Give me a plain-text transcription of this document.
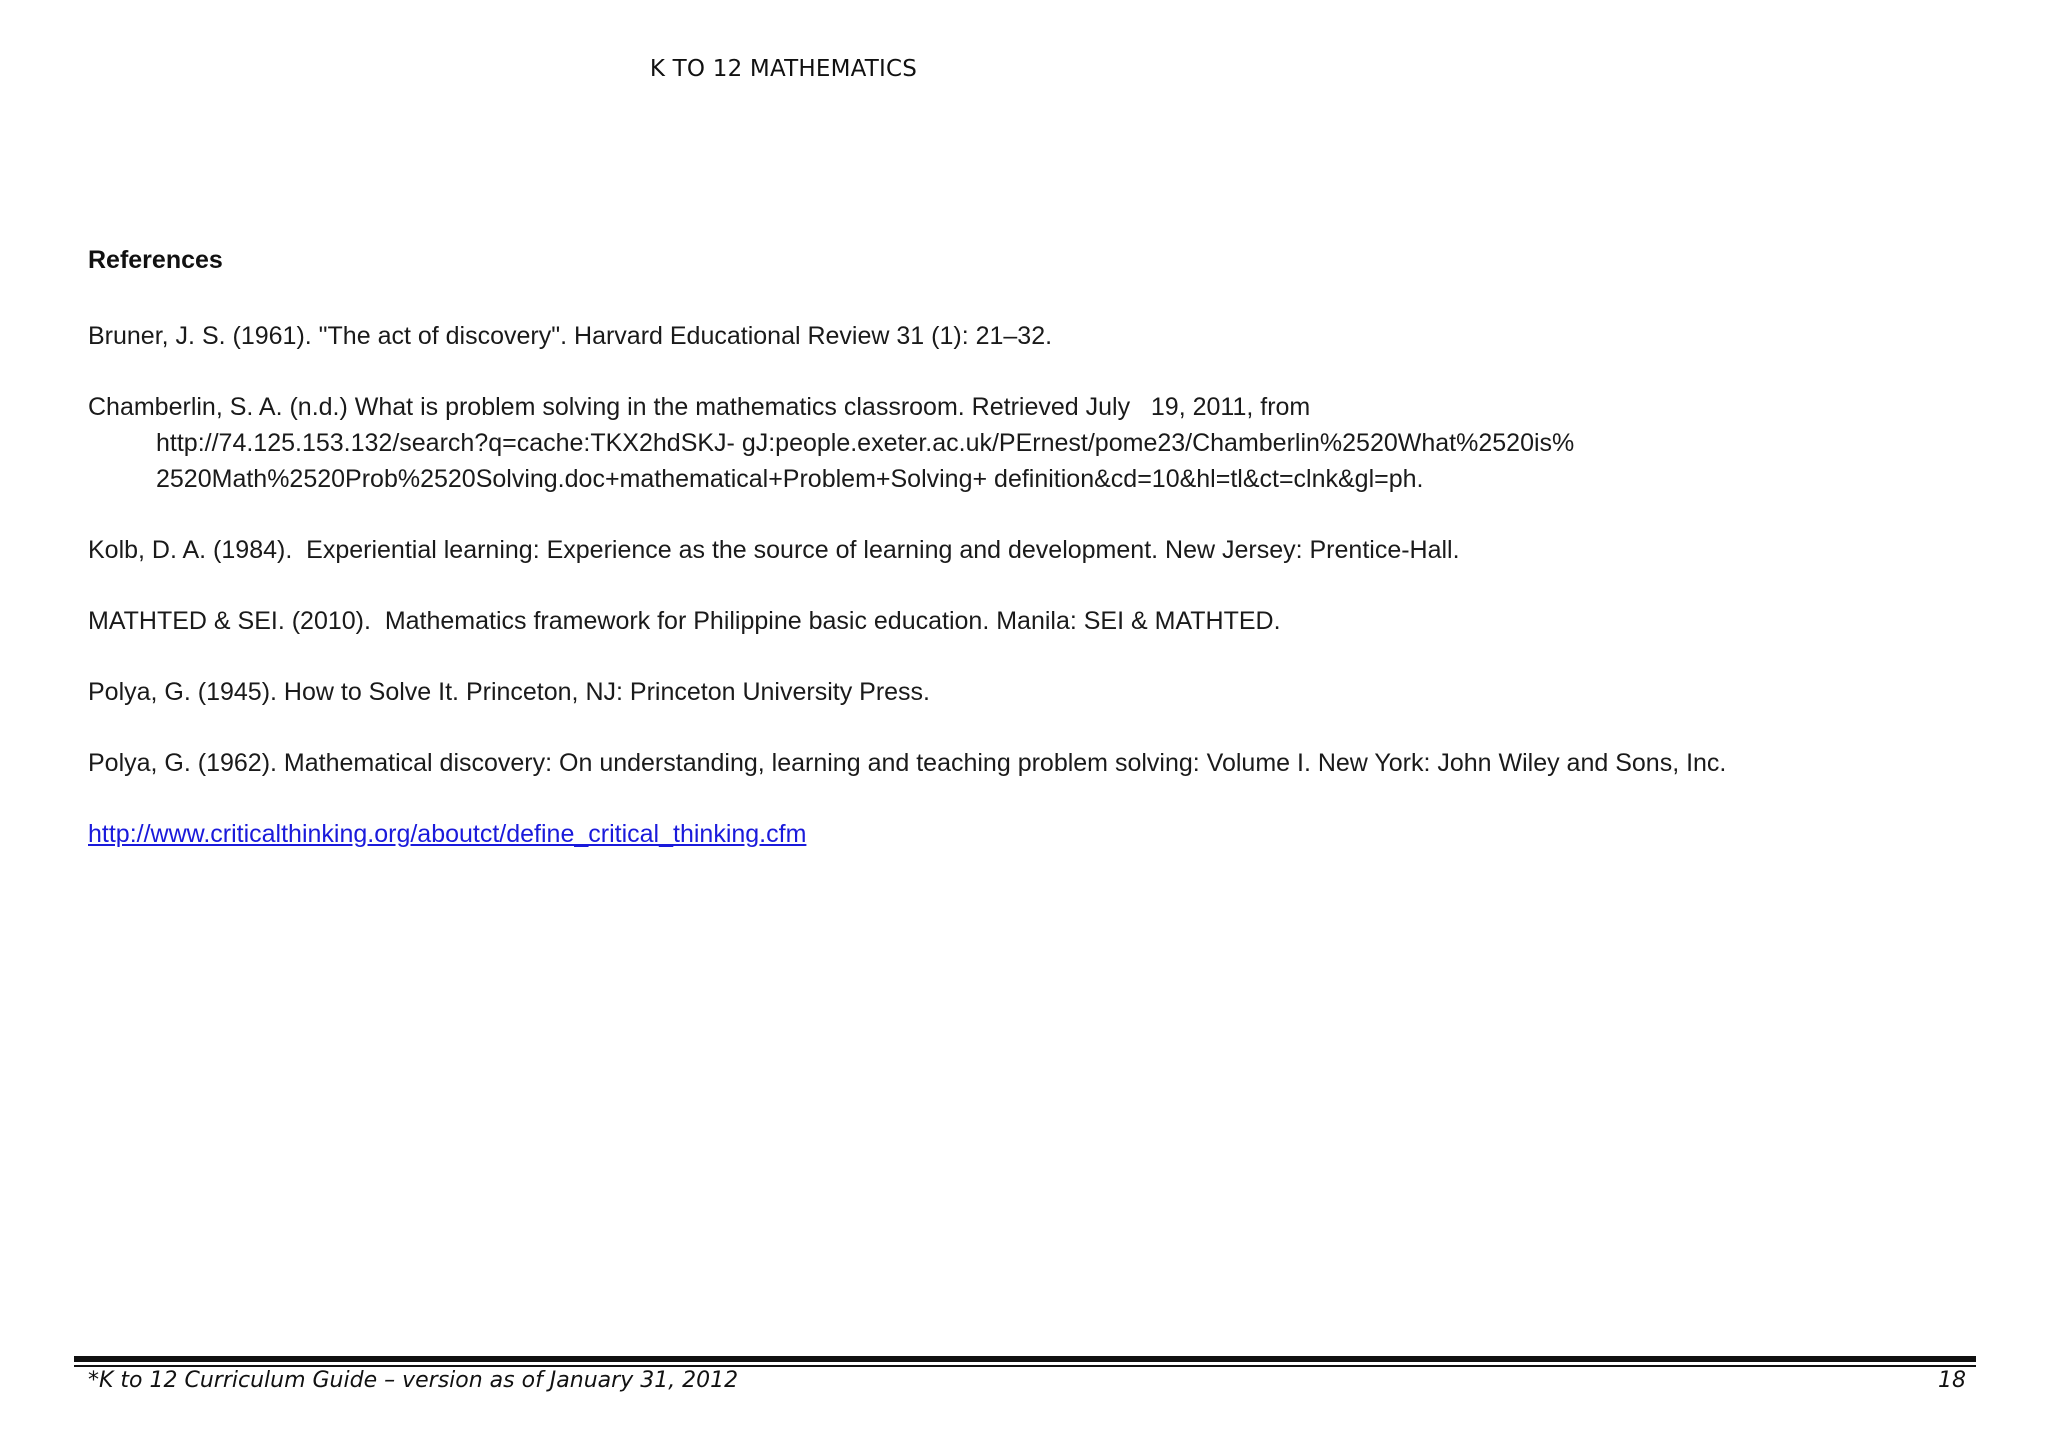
K TO 12 MATHEMATICS
References
Bruner, J. S. (1961). "The act of discovery". Harvard Educational Review 31 (1): 21–32.
Chamberlin, S. A. (n.d.) What is problem solving in the mathematics classroom. Retrieved July   19, 2011, from
http://74.125.153.132/search?q=cache:TKX2hdSKJ- gJ:people.exeter.ac.uk/PErnest/pome23/Chamberlin%2520What%2520is%
2520Math%2520Prob%2520Solving.doc+mathematical+Problem+Solving+ definition&cd=10&hl=tl&ct=clnk&gl=ph.
Kolb, D. A. (1984).  Experiential learning: Experience as the source of learning and development. New Jersey: Prentice-Hall.
MATHTED & SEI. (2010).  Mathematics framework for Philippine basic education. Manila: SEI & MATHTED.
Polya, G. (1945). How to Solve It. Princeton, NJ: Princeton University Press.
Polya, G. (1962). Mathematical discovery: On understanding, learning and teaching problem solving: Volume I. New York: John Wiley and Sons, Inc.
http://www.criticalthinking.org/aboutct/define_critical_thinking.cfm
*K to 12 Curriculum Guide – version as of January 31, 2012	18
